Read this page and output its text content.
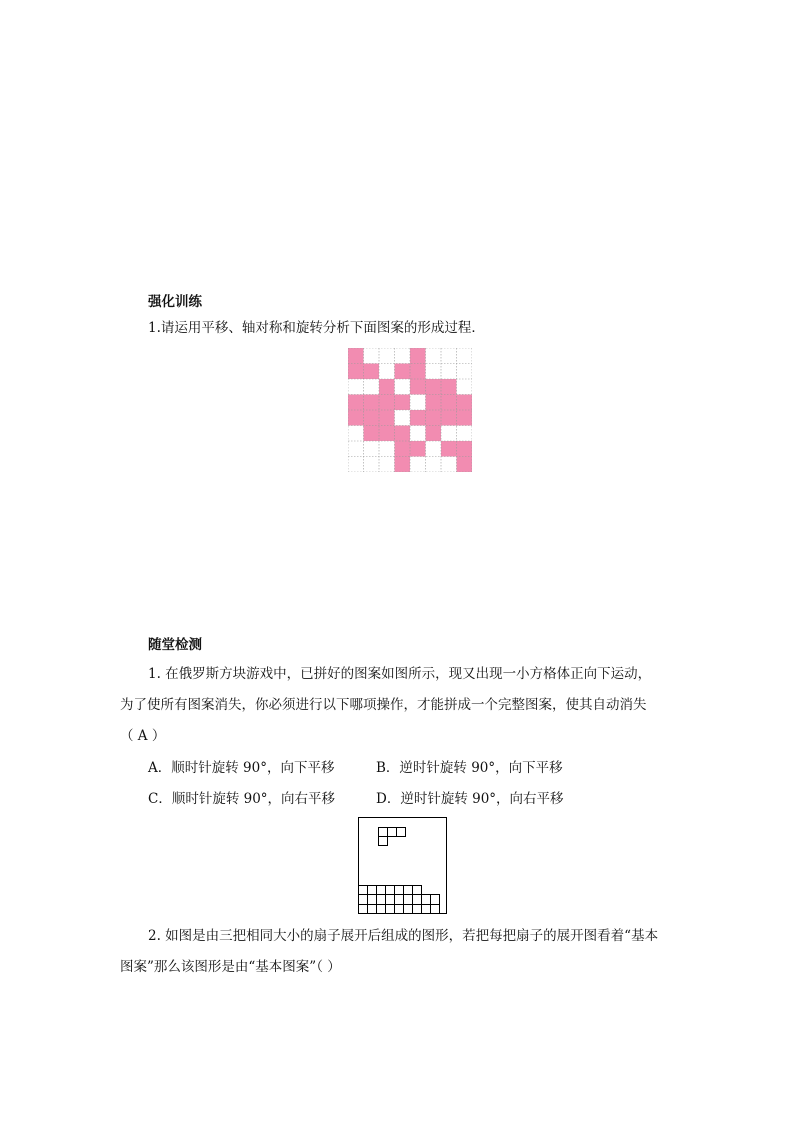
强化训练
1.请运用平移、轴对称和旋转分析下面图案的形成过程．
随堂检测
1. 在俄罗斯方块游戏中，已拼好的图案如图所示，现又出现一小方格体正向下运动，
为了使所有图案消失，你必须进行以下哪项操作，才能拼成一个完整图案，使其自动消失
（ A ）
A．顺时针旋转 90°，向下平移	B．逆时针旋转 90°，向下平移
C．顺时针旋转 90°，向右平移	D．逆时针旋转 90°，向右平移
2. 如图是由三把相同大小的扇子展开后组成的图形，若把每把扇子的展开图看着“基本
图案”那么该图形是由“基本图案”（ ）
